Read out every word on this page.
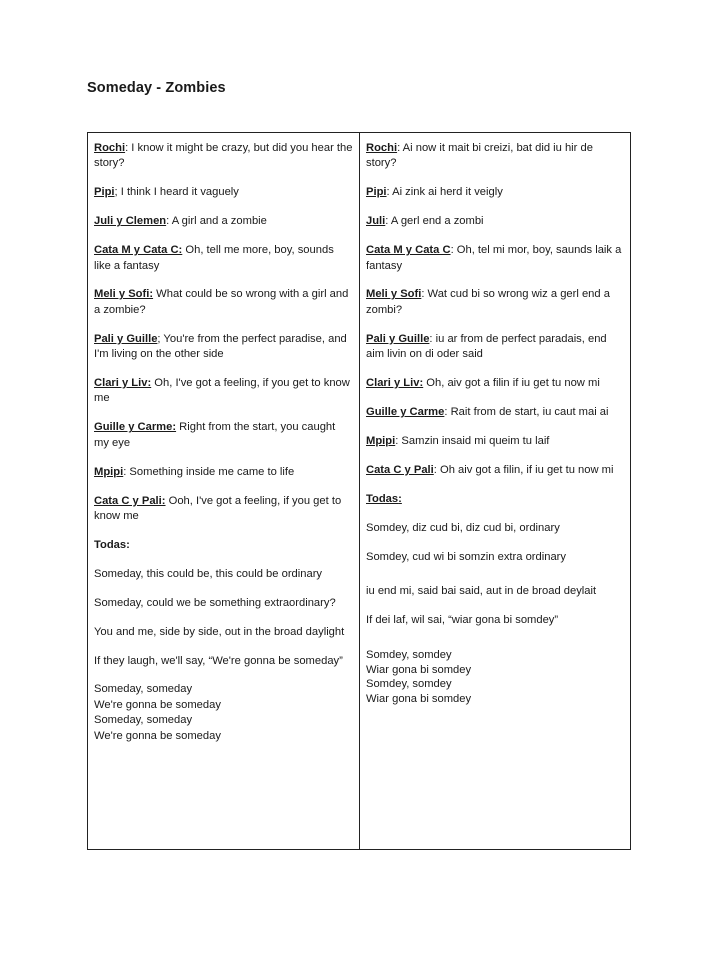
Someday - Zombies
Rochi: I know it might be crazy, but did you hear the story?
Pipi; I think I heard it vaguely
Juli y Clemen: A girl and a zombie
Cata M y Cata C: Oh, tell me more, boy, sounds like a fantasy
Meli y Sofi: What could be so wrong with a girl and a zombie?
Pali y Guille; You're from the perfect paradise, and I'm living on the other side
Clari y Liv: Oh, I've got a feeling, if you get to know me
Guille y Carme: Right from the start, you caught my eye
Mpipi: Something inside me came to life
Cata C y Pali: Ooh, I've got a feeling, if you get to know me
Todas:
Someday, this could be, this could be ordinary
Someday, could we be something extraordinary?
You and me, side by side, out in the broad daylight
If they laugh, we'll say, “We're gonna be someday”
Someday, someday
We're gonna be someday
Someday, someday
We're gonna be someday
Rochi: Ai now it mait bi creizi, bat did iu hir de story?
Pipi: Ai zink ai herd it veigly
Juli: A gerl end a zombi
Cata M y Cata C: Oh, tel mi mor, boy, saunds laik a fantasy
Meli y Sofi: Wat cud bi so wrong wiz a gerl end a zombi?
Pali y Guille: iu ar from de perfect paradais, end aim livin on di oder said
Clari y Liv: Oh, aiv got a filin if iu get tu now mi
Guille y Carme: Rait from de start, iu caut mai ai
Mpipi: Samzin insaid mi queim tu laif
Cata C y Pali: Oh aiv got a filin, if iu get tu now mi
Todas:
Somdey, diz cud bi, diz cud bi, ordinary
Somdey, cud wi bi somzin extra ordinary
iu end mi, said bai said, aut in de broad deylait
If dei laf, wil sai, “wiar gona bi somdey”
Somdey, somdey
Wiar gona bi somdey
Somdey, somdey
Wiar gona bi somdey
